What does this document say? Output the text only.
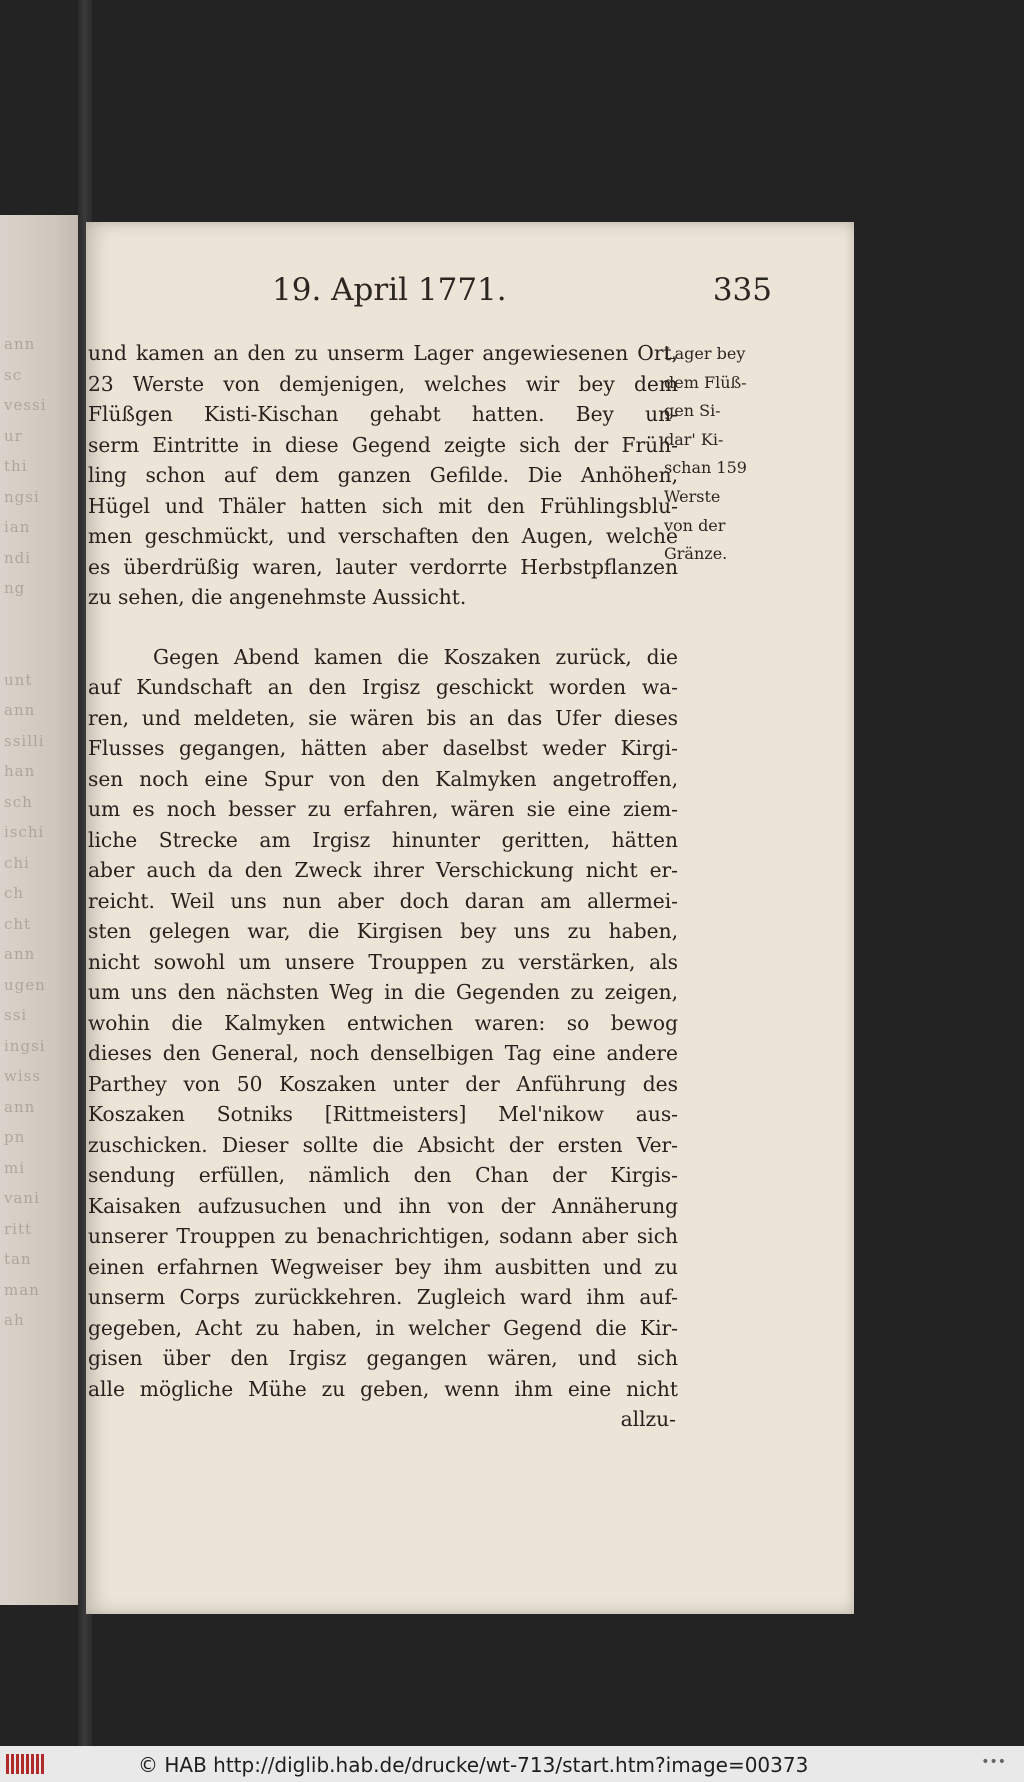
ann
sc
vessi
ur
thi
ngsi
ian
ndi
ng
unt
ann
ssilli
han
sch
ischi
chi
ch
cht
ann
ugen
ssi
ingsi
wiss
ann
pn
mi
vani
ritt
tan
man
ah
19. April 1771.	335
und kamen an den zu unserm Lager angewiesenen Ort,
23 Werste von demjenigen, welches wir bey dem
Flüßgen Kisti-Kischan gehabt hatten. Bey un-
serm Eintritte in diese Gegend zeigte sich der Früh-
ling schon auf dem ganzen Gefilde. Die Anhöhen,
Hügel und Thäler hatten sich mit den Frühlingsblu-
men geschmückt, und verschaften den Augen, welche
es überdrüßig waren, lauter verdorrte Herbstpflanzen
zu sehen, die angenehmste Aussicht.
Gegen Abend kamen die Koszaken zurück, die
auf Kundschaft an den Irgisz geschickt worden wa-
ren, und meldeten, sie wären bis an das Ufer dieses
Flusses gegangen, hätten aber daselbst weder Kirgi-
sen noch eine Spur von den Kalmyken angetroffen,
um es noch besser zu erfahren, wären sie eine ziem-
liche Strecke am Irgisz hinunter geritten, hätten
aber auch da den Zweck ihrer Verschickung nicht er-
reicht. Weil uns nun aber doch daran am allermei-
sten gelegen war, die Kirgisen bey uns zu haben,
nicht sowohl um unsere Trouppen zu verstärken, als
um uns den nächsten Weg in die Gegenden zu zeigen,
wohin die Kalmyken entwichen waren: so bewog
dieses den General, noch denselbigen Tag eine andere
Parthey von 50 Koszaken unter der Anführung des
Koszaken Sotniks [Rittmeisters] Mel'nikow aus-
zuschicken. Dieser sollte die Absicht der ersten Ver-
sendung erfüllen, nämlich den Chan der Kirgis-
Kaisaken aufzusuchen und ihn von der Annäherung
unserer Trouppen zu benachrichtigen, sodann aber sich
einen erfahrnen Wegweiser bey ihm ausbitten und zu
unserm Corps zurückkehren. Zugleich ward ihm auf-
gegeben, Acht zu haben, in welcher Gegend die Kir-
gisen über den Irgisz gegangen wären, und sich
alle mögliche Mühe zu geben, wenn ihm eine nicht
allzu-
Lager bey
dem Flüß-
gen Si-
dar' Ki-
schan 159
Werste
von der
Gränze.
© HAB http://diglib.hab.de/drucke/wt-713/start.htm?image=00373	•••
